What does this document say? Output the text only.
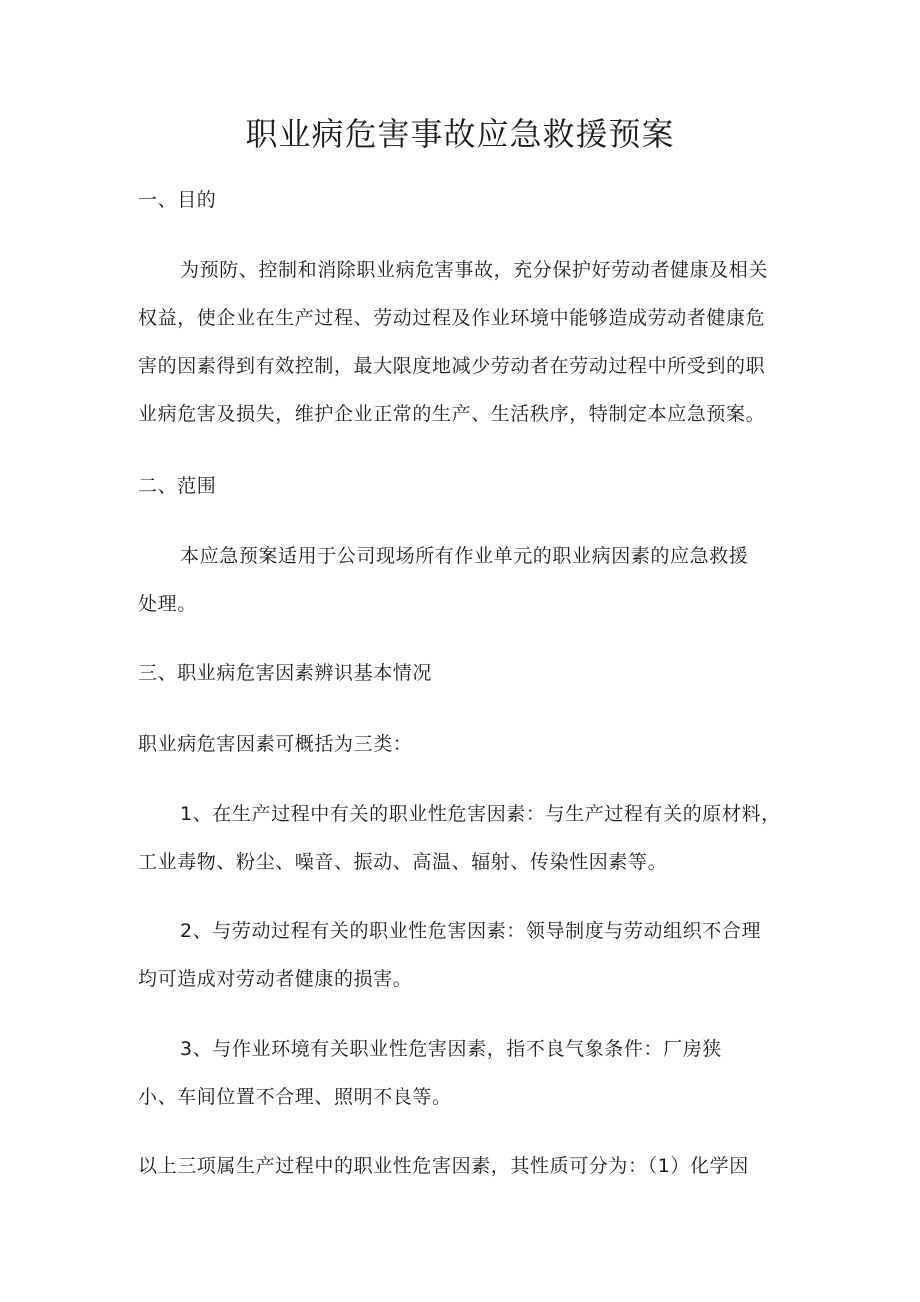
职业病危害事故应急救援预案
一、目的
为预防、控制和消除职业病危害事故，充分保护好劳动者健康及相关
权益，使企业在生产过程、劳动过程及作业环境中能够造成劳动者健康危
害的因素得到有效控制，最大限度地减少劳动者在劳动过程中所受到的职
业病危害及损失，维护企业正常的生产、生活秩序，特制定本应急预案。
二、范围
本应急预案适用于公司现场所有作业单元的职业病因素的应急救援
处理。
三、职业病危害因素辨识基本情况
职业病危害因素可概括为三类：
1、在生产过程中有关的职业性危害因素：与生产过程有关的原材料，
工业毒物、粉尘、噪音、振动、高温、辐射、传染性因素等。
2、与劳动过程有关的职业性危害因素：领导制度与劳动组织不合理
均可造成对劳动者健康的损害。
3、与作业环境有关职业性危害因素，指不良气象条件：厂房狭
小、车间位置不合理、照明不良等。
以上三项属生产过程中的职业性危害因素，其性质可分为：（1）化学因
